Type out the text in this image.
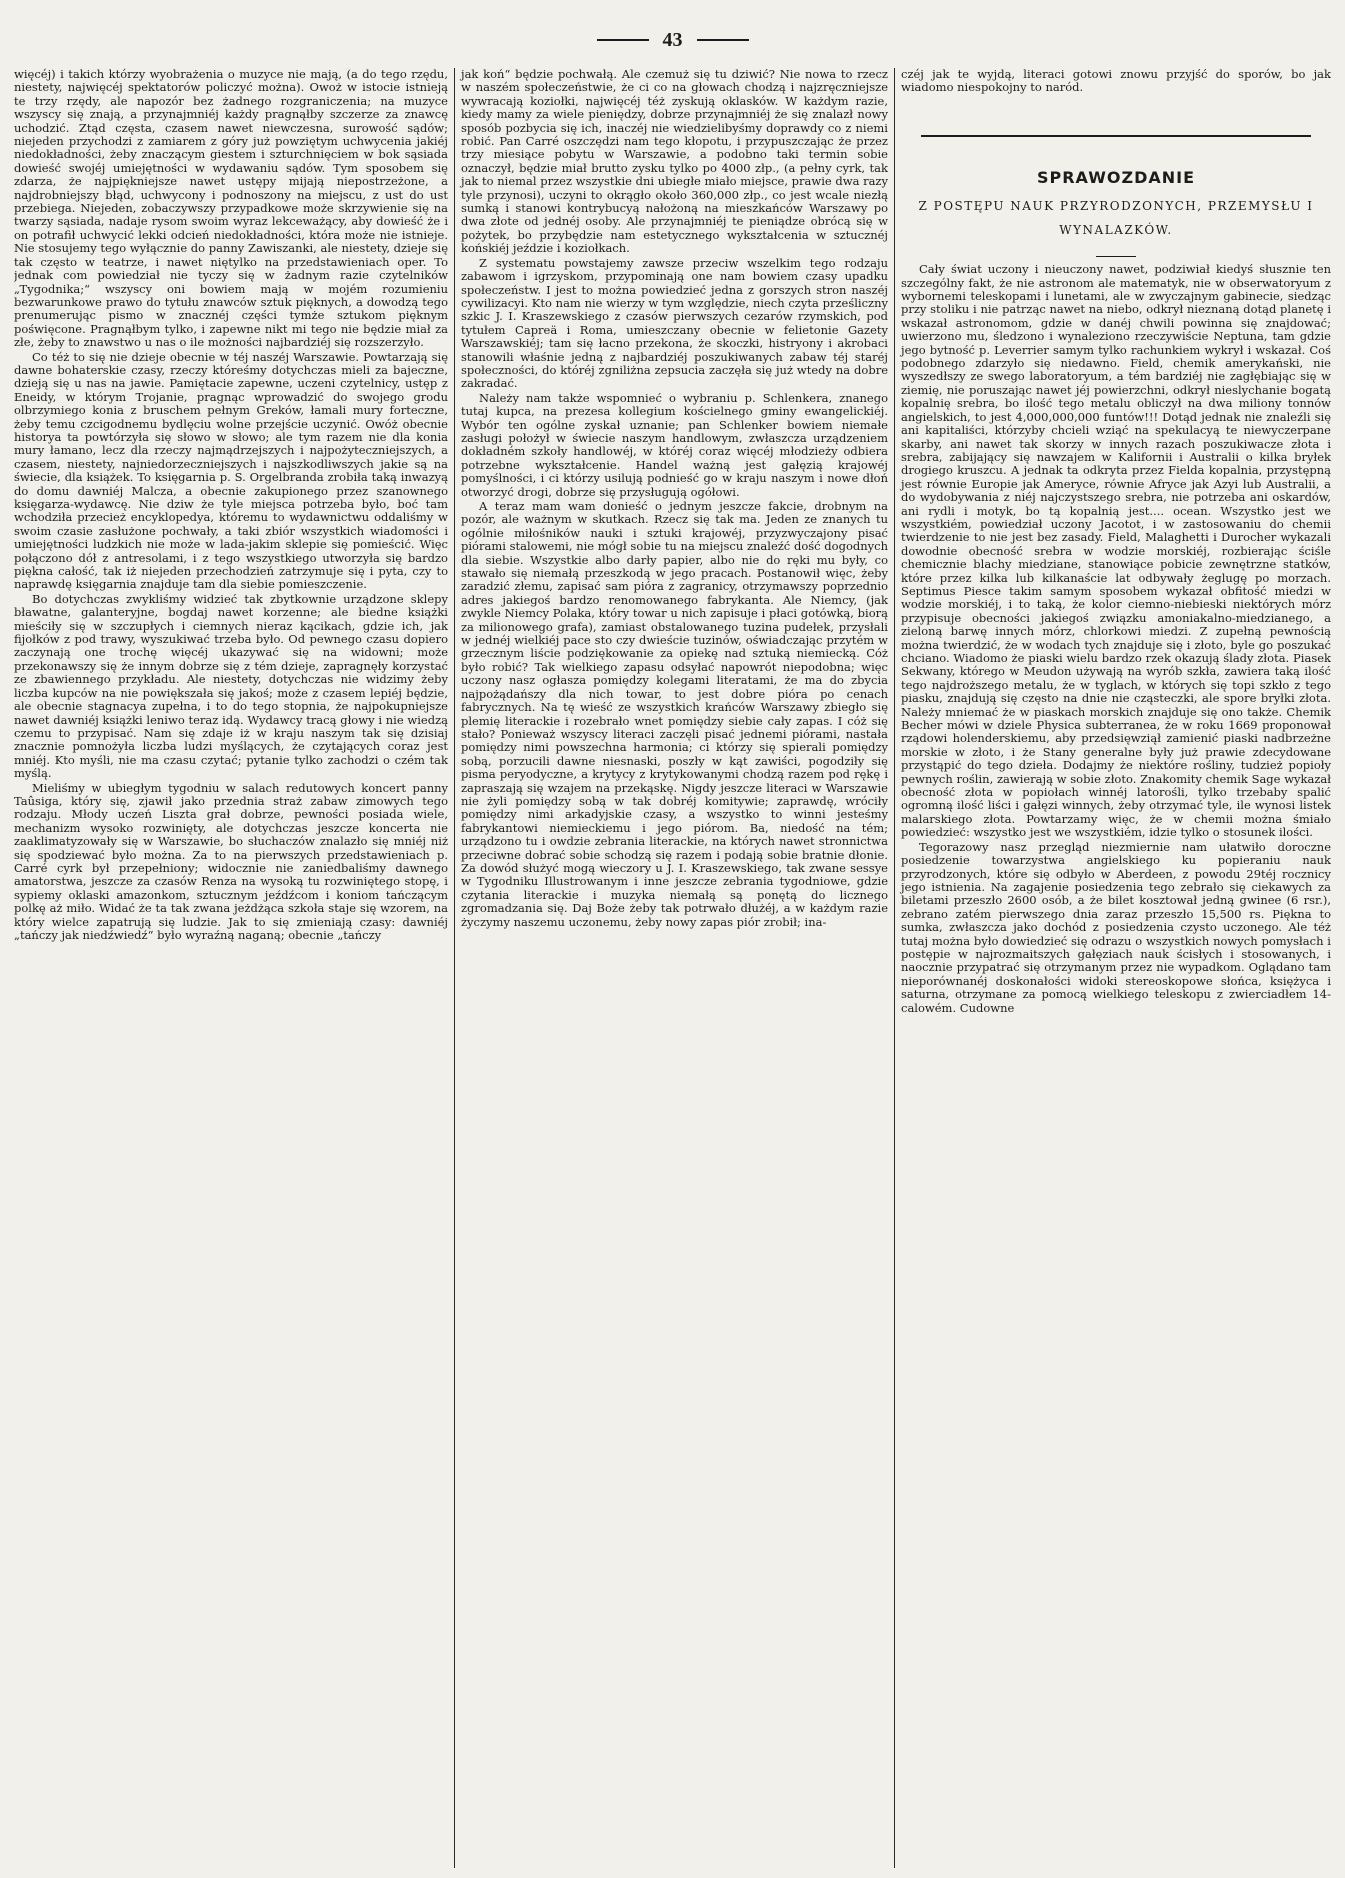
43

więcéj) i takich którzy wyobrażenia o muzyce nie mają, (a do tego rzędu, niestety, najwięcéj spektatorów policzyć można). Owoż w istocie istnieją te trzy rzędy, ale napozór bez żadnego rozgraniczenia; na muzyce wszyscy się znają, a przynajmniéj każdy pragnąłby szczerze za znawcę uchodzić. Ztąd częsta, czasem nawet niewczesna, surowość sądów; niejeden przychodzi z zamiarem z góry już powziętym uchwycenia jakiéj niedokładności, żeby znaczącym giestem i szturchnięciem w bok sąsiada dowieść swojéj umiejętności w wydawaniu sądów. Tym sposobem się zdarza, że najpiękniejsze nawet ustępy mijają niepostrzeżone, a najdrobniejszy błąd, uchwycony i podnoszony na miejscu, z ust do ust przebiega. Niejeden, zobaczywszy przypadkowe może skrzywienie się na twarzy sąsiada, nadaje rysom swoim wyraz lekceważący, aby dowieść że i on potrafił uchwycić lekki odcień niedokładności, która może nie istnieje. Nie stosujemy tego wyłącznie do panny Zawiszanki, ale niestety, dzieje się tak często w teatrze, i nawet niętylko na przedstawieniach oper. To jednak com powiedział nie tyczy się w żadnym razie czytelników „Tygodnika;“ wszyscy oni bowiem mają w mojém rozumieniu bezwarunkowe prawo do tytułu znawców sztuk pięknych, a dowodzą tego prenumerując pismo w znacznéj części tymże sztukom pięknym poświęcone. Pragnąłbym tylko, i zapewne nikt mi tego nie będzie miał za złe, żeby to znawstwo u nas o ile możności najbardziéj się rozszerzyło.

Co téż to się nie dzieje obecnie w téj naszéj Warszawie. Powtarzają się dawne bohaterskie czasy, rzeczy któreśmy dotychczas mieli za bajeczne, dzieją się u nas na jawie. Pamiętacie zapewne, uczeni czytelnicy, ustęp z Eneidy, w którym Trojanie, pragnąc wprowadzić do swojego grodu olbrzymiego konia z bruschem pełnym Greków, łamali mury forteczne, żeby temu czcigodnemu bydlęciu wolne przejście uczynić. Owóż obecnie historya ta powtórzyła się słowo w słowo; ale tym razem nie dla konia mury łamano, lecz dla rzeczy najmądrzejszych i najpożyteczniejszych, a czasem, niestety, najniedorzeczniejszych i najszkodliwszych jakie są na świecie, dla książek. To księgarnia p. S. Orgelbranda zrobiła taką inwazyą do domu dawniéj Malcza, a obecnie zakupionego przez szanownego księgarza-wydawcę. Nie dziw że tyle miejsca potrzeba było, boć tam wchodziła przecież encyklopedya, któremu to wydawnictwu oddaliśmy w swoim czasie zasłużone pochwały, a taki zbiór wszystkich wiadomości i umiejętności ludzkich nie może w lada-jakim sklepie się pomieścić. Więc połączono dół z antresolami, i z tego wszystkiego utworzyła się bardzo piękna całość, tak iż niejeden przechodzień zatrzymuje się i pyta, czy to naprawdę księgarnia znajduje tam dla siebie pomieszczenie.

Bo dotychczas zwykliśmy widzieć tak zbytkownie urządzone sklepy bławatne, galanteryjne, bogdaj nawet korzenne; ale biedne książki mieściły się w szczupłych i ciemnych nieraz kącikach, gdzie ich, jak fijołków z pod trawy, wyszukiwać trzeba było. Od pewnego czasu dopiero zaczynają one trochę więcéj ukazywać się na widowni; może przekonawszy się że innym dobrze się z tém dzieje, zapragnęły korzystać ze zbawiennego przykładu. Ale niestety, dotychczas nie widzimy żeby liczba kupców na nie powiększała się jakoś; może z czasem lepiéj będzie, ale obecnie stagnacya zupełna, i to do tego stopnia, że najpokupniejsze nawet dawniéj książki leniwo teraz idą. Wydawcy tracą głowy i nie wiedzą czemu to przypisać. Nam się zdaje iż w kraju naszym tak się dzisiaj znacznie pomnożyła liczba ludzi myślących, że czytających coraz jest mniéj. Kto myśli, nie ma czasu czytać; pytanie tylko zachodzi o czém tak myślą.

Mieliśmy w ubiegłym tygodniu w salach redutowych koncert panny Taûsiga, który się, zjawił jako przednia straż zabaw zimowych tego rodzaju. Młody uczeń Liszta grał dobrze, pewności posiada wiele, mechanizm wysoko rozwinięty, ale dotychczas jeszcze koncerta nie zaaklimatyzowały się w Warszawie, bo słuchaczów znalazło się mniéj niż się spodziewać było można. Za to na pierwszych przedstawieniach p. Carré cyrk był przepełniony; widocznie nie zaniedbaliśmy dawnego amatorstwa, jeszcze za czasów Renza na wysoką tu rozwiniętego stopę, i sypiemy oklaski amazonkom, sztucznym jeźdźcom i koniom tańczącym polkę aż miło. Widać że ta tak zwana jeżdżąca szkoła staje się wzorem, na który wielce zapatrują się ludzie. Jak to się zmieniają czasy: dawniéj „tańczy jak niedźwiedź“ było wyraźną naganą; obecnie „tańczy

jak koń“ będzie pochwałą. Ale czemuż się tu dziwić? Nie nowa to rzecz w naszém społeczeństwie, że ci co na głowach chodzą i najzręczniejsze wywracają koziołki, najwięcéj téż zyskują oklasków. W każdym razie, kiedy mamy za wiele pieniędzy, dobrze przynajmniéj że się znalazł nowy sposób pozbycia się ich, inaczéj nie wiedzielibyśmy doprawdy co z niemi robić. Pan Carré oszczędzi nam tego kłopotu, i przypuszczając że przez trzy miesiące pobytu w Warszawie, a podobno taki termin sobie oznaczył, będzie miał brutto zysku tylko po 4000 złp., (a pełny cyrk, tak jak to niemal przez wszystkie dni ubiegłe miało miejsce, prawie dwa razy tyle przynosi), uczyni to okrągło około 360,000 złp., co jest wcale niezłą sumką i stanowi kontrybucyą nałożoną na mieszkańców Warszawy po dwa złote od jednéj osoby. Ale przynajmniéj te pieniądze obrócą się w pożytek, bo przybędzie nam estetycznego wykształcenia w sztucznéj końskiéj jeździe i koziołkach.

Z systematu powstajemy zawsze przeciw wszelkim tego rodzaju zabawom i igrzyskom, przypominają one nam bowiem czasy upadku społeczeństw. I jest to można powiedzieć jedna z gorszych stron naszéj cywilizacyi. Kto nam nie wierzy w tym względzie, niech czyta prześliczny szkic J. I. Kraszewskiego z czasów pierwszych cezarów rzymskich, pod tytułem Capreä i Roma, umieszczany obecnie w felietonie Gazety Warszawskiéj; tam się łacno przekona, że skoczki, histryony i akrobaci stanowili właśnie jedną z najbardziéj poszukiwanych zabaw téj staréj społeczności, do któréj zgniliżna zepsucia zaczęła się już wtedy na dobre zakradać.

Należy nam także wspomnieć o wybraniu p. Schlenkera, znanego tutaj kupca, na prezesa kollegium kościelnego gminy ewangelickiéj. Wybór ten ogólne zyskał uznanie; pan Schlenker bowiem niemałe zasługi położył w świecie naszym handlowym, zwłaszcza urządzeniem dokładném szkoły handlowéj, w któréj coraz więcéj młodzieży odbiera potrzebne wykształcenie. Handel ważną jest gałęzią krajowéj pomyślności, i ci którzy usilują podnieść go w kraju naszym i nowe dłoń otworzyć drogi, dobrze się przysługują ogółowi.

A teraz mam wam donieść o jednym jeszcze fakcie, drobnym na pozór, ale ważnym w skutkach. Rzecz się tak ma. Jeden ze znanych tu ogólnie miłośników nauki i sztuki krajowéj, przyzwyczajony pisać piórami stalowemi, nie mógł sobie tu na miejscu znaleźć dość dogodnych dla siebie. Wszystkie albo darły papier, albo nie do ręki mu były, co stawało się niemałą przeszkodą w jego pracach. Postanowił więc, żeby zaradzić złemu, zapisać sam pióra z zagranicy, otrzymawszy poprzednio adres jakiegoś bardzo renomowanego fabrykanta. Ale Niemcy, (jak zwykle Niemcy Polaka, który towar u nich zapisuje i płaci gotówką, biorą za milionowego grafa), zamiast obstalowanego tuzina pudełek, przysłali w jednéj wielkiéj pace sto czy dwieście tuzinów, oświadczając przytém w grzecznym liście podziękowanie za opiekę nad sztuką niemiecką. Cóż było robić? Tak wielkiego zapasu odsyłać napowrót niepodobna; więc uczony nasz ogłasza pomiędzy kolegami literatami, że ma do zbycia najpożądańszy dla nich towar, to jest dobre pióra po cenach fabrycznych. Na tę wieść ze wszystkich krańców Warszawy zbiegło się plemię literackie i rozebrało wnet pomiędzy siebie cały zapas. I cóż się stało? Ponieważ wszyscy literaci zaczęli pisać jednemi piórami, nastała pomiędzy nimi powszechna harmonia; ci którzy się spierali pomiędzy sobą, porzucili dawne niesnaski, poszły w kąt zawiści, pogodziły się pisma peryodyczne, a krytycy z krytykowanymi chodzą razem pod rękę i zapraszają się wzajem na przekąskę. Nigdy jeszcze literaci w Warszawie nie żyli pomiędzy sobą w tak dobréj komitywie; zaprawdę, wróciły pomiędzy nimi arkadyjskie czasy, a wszystko to winni jesteśmy fabrykantowi niemieckiemu i jego piórom. Ba, niedość na tém; urządzono tu i owdzie zebrania literackie, na których nawet stronnictwa przeciwne dobrać sobie schodzą się razem i podają sobie bratnie dłonie. Za dowód służyć mogą wieczory u J. I. Kraszewskiego, tak zwane sessye w Tygodniku Illustrowanym i inne jeszcze zebrania tygodniowe, gdzie czytania literackie i muzyka niemałą są ponętą do licznego zgromadzania się. Daj Boże żeby tak potrwało dłużéj, a w każdym razie życzymy naszemu uczonemu, żeby nowy zapas piór zrobił; ina-

czéj jak te wyjdą, literaci gotowi znowu przyjść do sporów, bo jak wiadomo niespokojny to naród.

SPRAWOZDANIE
Z POSTĘPU NAUK PRZYRODZONYCH, PRZEMYSŁU I WYNALAZKÓW.

Cały świat uczony i nieuczony nawet, podziwiał kiedyś słusznie ten szczególny fakt, że nie astronom ale matematyk, nie w obserwatoryum z wybornemi teleskopami i lunetami, ale w zwyczajnym gabinecie, siedząc przy stoliku i nie patrząc nawet na niebo, odkrył nieznaną dotąd planetę i wskazał astronomom, gdzie w danéj chwili powinna się znajdować; uwierzono mu, śledzono i wynaleziono rzeczywiście Neptuna, tam gdzie jego bytność p. Leverrier samym tylko rachunkiem wykrył i wskazał. Coś podobnego zdarzyło się niedawno. Field, chemik amerykański, nie wyszedłszy ze swego laboratoryum, a tém bardziéj nie zagłębiając się w ziemię, nie poruszając nawet jéj powierzchni, odkrył nieslychanie bogatą kopalnię srebra, bo ilość tego metalu obliczył na dwa miliony tonnów angielskich, to jest 4,000,000,000 funtów!!! Dotąd jednak nie znaleźli się ani kapitaliści, którzyby chcieli wziąć na spekulacyą te niewyczerpane skarby, ani nawet tak skorzy w innych razach poszukiwacze złota i srebra, zabijający się nawzajem w Kalifornii i Australii o kilka bryłek drogiego kruszcu. A jednak ta odkryta przez Fielda kopalnia, przystępną jest równie Europie jak Ameryce, równie Afryce jak Azyi lub Australii, a do wydobywania z niéj najczystszego srebra, nie potrzeba ani oskardów, ani rydli i motyk, bo tą kopalnią jest.... ocean. Wszystko jest we wszystkiém, powiedział uczony Jacotot, i w zastosowaniu do chemii twierdzenie to nie jest bez zasady. Field, Malaghetti i Durocher wykazali dowodnie obecność srebra w wodzie morskiéj, rozbierając ściśle chemicznie blachy miedziane, stanowiące pobicie zewnętrzne statków, które przez kilka lub kilkanaście lat odbywały żeglugę po morzach. Septimus Piesce takim samym sposobem wykazał obfitość miedzi w wodzie morskiéj, i to taką, że kolor ciemno-niebieski niektórych mórz przypisuje obecności jakiegoś związku amoniakalno-miedzianego, a zieloną barwę innych mórz, chlorkowi miedzi. Z zupełną pewnością można twierdzić, że w wodach tych znajduje się i złoto, byle go poszukać chciano. Wiadomo że piaski wielu bardzo rzek okazują ślady złota. Piasek Sekwany, którego w Meudon używają na wyrób szkła, zawiera taką ilość tego najdroższego metalu, że w tyglach, w których się topi szkło z tego piasku, znajdują się często na dnie nie cząsteczki, ale spore bryłki złota. Należy mniemać że w piaskach morskich znajduje się ono także. Chemik Becher mówi w dziele Physica subterranea, że w roku 1669 proponował rządowi holenderskiemu, aby przedsięwziął zamienić piaski nadbrzeżne morskie w złoto, i że Stany generalne były już prawie zdecydowane przystąpić do tego dzieła. Dodajmy że niektóre rośliny, tudzież popioły pewnych roślin, zawierają w sobie złoto. Znakomity chemik Sage wykazał obecność złota w popiołach winnéj latorośli, tylko trzebaby spalić ogromną ilość liści i gałęzi winnych, żeby otrzymać tyle, ile wynosi listek malarskiego złota. Powtarzamy więc, że w chemii można śmiało powiedzieć: wszystko jest we wszystkiém, idzie tylko o stosunek ilości.

Tegorazowy nasz przegląd niezmiernie nam ułatwiło doroczne posiedzenie towarzystwa angielskiego ku popieraniu nauk przyrodzonych, które się odbyło w Aberdeen, z powodu 29téj rocznicy jego istnienia. Na zagajenie posiedzenia tego zebrało się ciekawych za biletami przeszło 2600 osób, a że bilet kosztował jedną gwinee (6 rsr.), zebrano zatém pierwszego dnia zaraz przeszło 15,500 rs. Piękna to sumka, zwłaszcza jako dochód z posiedzenia czysto uczonego. Ale téż tutaj można było dowiedzieć się odrazu o wszystkich nowych pomysłach i postępie w najrozmaitszych gałęziach nauk ścisłych i stosowanych, i naocznie przypatrać się otrzymanym przez nie wypadkom. Oglądano tam nieporównanéj doskonałości widoki stereoskopowe słońca, księżyca i saturna, otrzymane za pomocą wielkiego teleskopu z zwierciadłem 14-calowém. Cudowne
